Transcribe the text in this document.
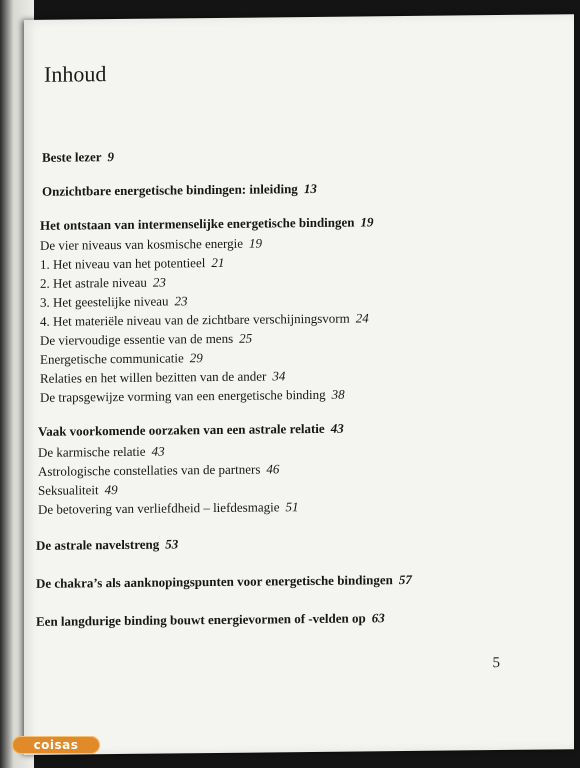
Inhoud
Beste lezer 9
Onzichtbare energetische bindingen: inleiding 13
Het ontstaan van intermenselijke energetische bindingen 19
De vier niveaus van kosmische energie 19
1. Het niveau van het potentieel 21
2. Het astrale niveau 23
3. Het geestelijke niveau 23
4. Het materiële niveau van de zichtbare verschijningsvorm 24
De viervoudige essentie van de mens 25
Energetische communicatie 29
Relaties en het willen bezitten van de ander 34
De trapsgewijze vorming van een energetische binding 38
Vaak voorkomende oorzaken van een astrale relatie 43
De karmische relatie 43
Astrologische constellaties van de partners 46
Seksualiteit 49
De betovering van verliefdheid – liefdesmagie 51
De astrale navelstreng 53
De chakra’s als aanknopingspunten voor energetische bindingen 57
Een langdurige binding bouwt energievormen of -velden op 63
5
coisas
